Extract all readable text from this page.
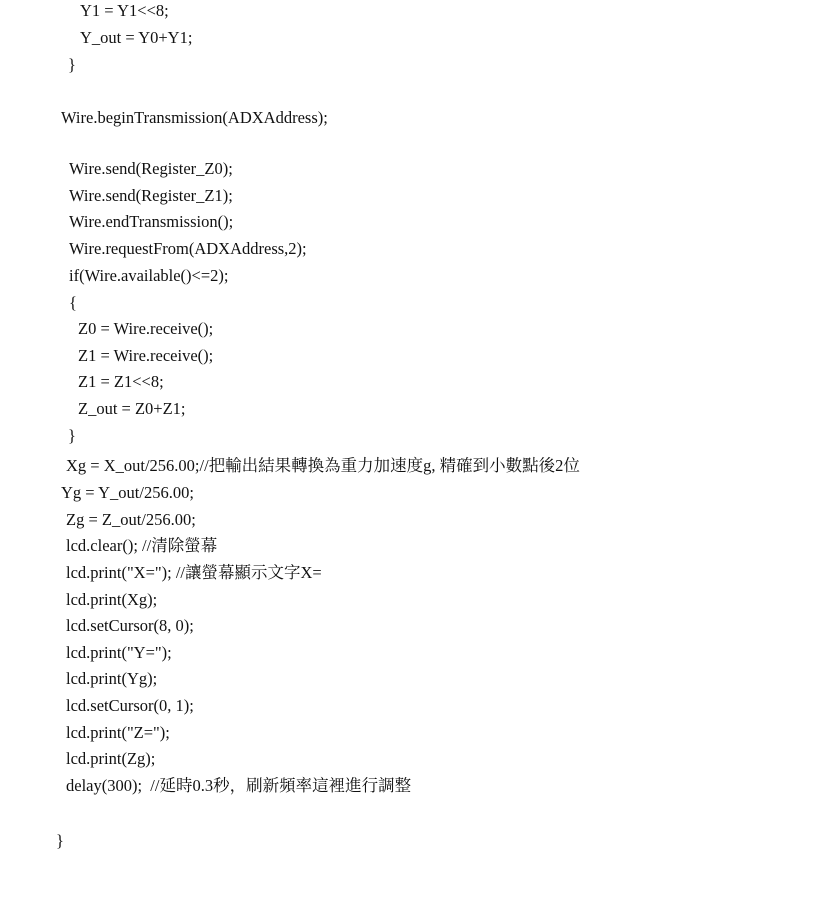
Y1 = Y1<<8;
Y_out = Y0+Y1;
}
Wire.beginTransmission(ADXAddress);
Wire.send(Register_Z0);
Wire.send(Register_Z1);
Wire.endTransmission();
Wire.requestFrom(ADXAddress,2);
if(Wire.available()<=2);
{
Z0 = Wire.receive();
Z1 = Wire.receive();
Z1 = Z1<<8;
Z_out = Z0+Z1;
}
Xg = X_out/256.00;//把輸出結果轉換為重力加速度g, 精確到小數點後2位
Yg = Y_out/256.00;
Zg = Z_out/256.00;
lcd.clear(); //清除螢幕
lcd.print("X="); //讓螢幕顯示文字X=
lcd.print(Xg);
lcd.setCursor(8, 0);
lcd.print("Y=");
lcd.print(Yg);
lcd.setCursor(0, 1);
lcd.print("Z=");
lcd.print(Zg);
delay(300);  //延時0.3秒，刷新頻率這裡進行調整
}
